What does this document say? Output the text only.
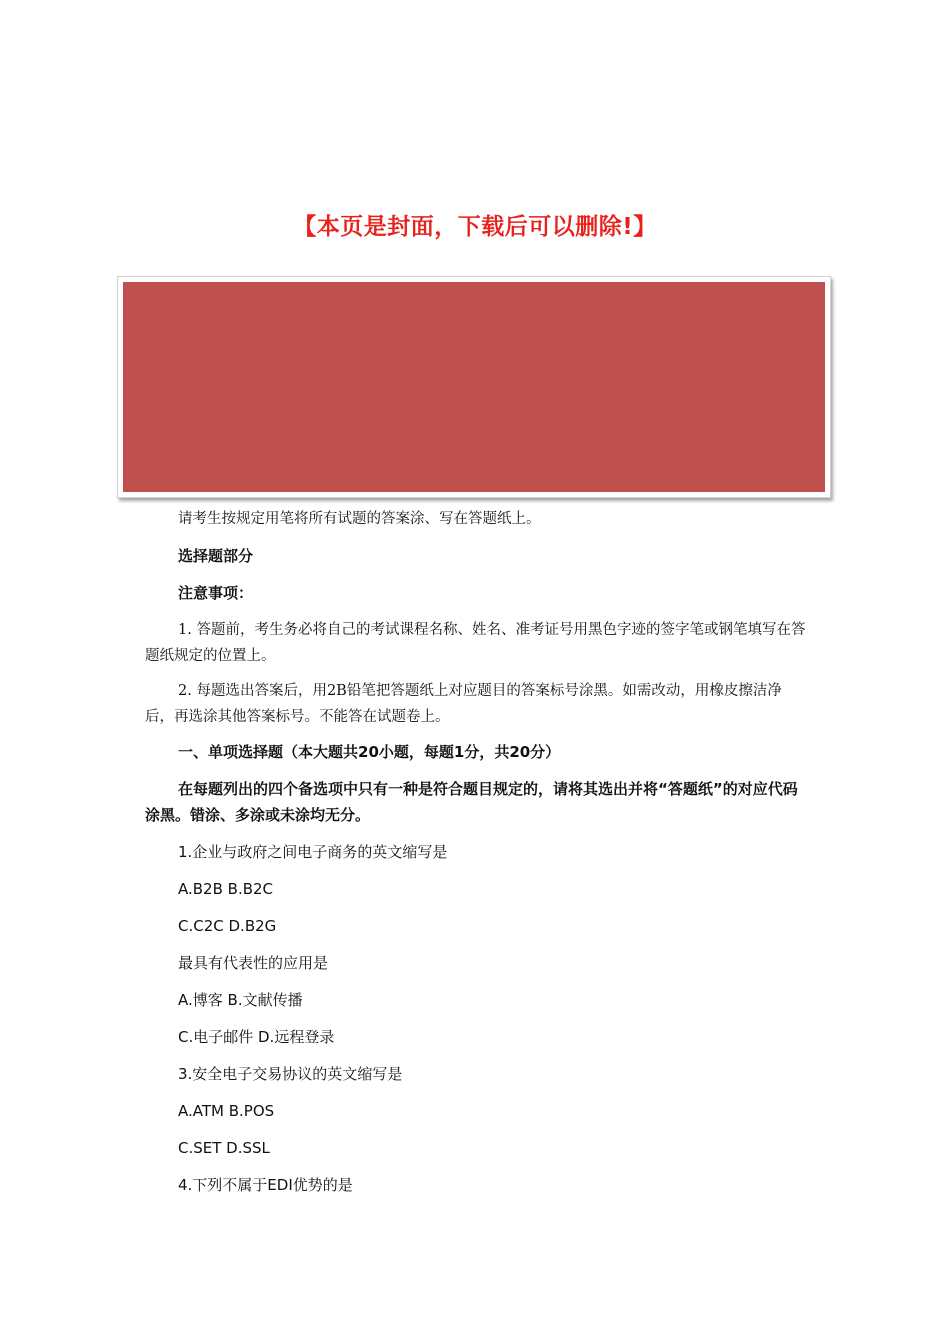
【本页是封面，下载后可以删除!】

请考生按规定用笔将所有试题的答案涂、写在答题纸上。

选择题部分

注意事项：

1. 答题前，考生务必将自己的考试课程名称、姓名、准考证号用黑色字迹的签字笔或钢笔填写在答题纸规定的位置上。

2. 每题选出答案后，用2B铅笔把答题纸上对应题目的答案标号涂黑。如需改动，用橡皮擦洁净后，再选涂其他答案标号。不能答在试题卷上。

一、单项选择题（本大题共20小题，每题1分，共20分）

在每题列出的四个备选项中只有一种是符合题目规定的，请将其选出并将“答题纸”的对应代码涂黑。错涂、多涂或未涂均无分。

1.企业与政府之间电子商务的英文缩写是

A.B2B B.B2C

C.C2C D.B2G

最具有代表性的应用是

A.博客 B.文献传播

C.电子邮件 D.远程登录

3.安全电子交易协议的英文缩写是

A.ATM B.POS

C.SET D.SSL

4.下列不属于EDI优势的是
